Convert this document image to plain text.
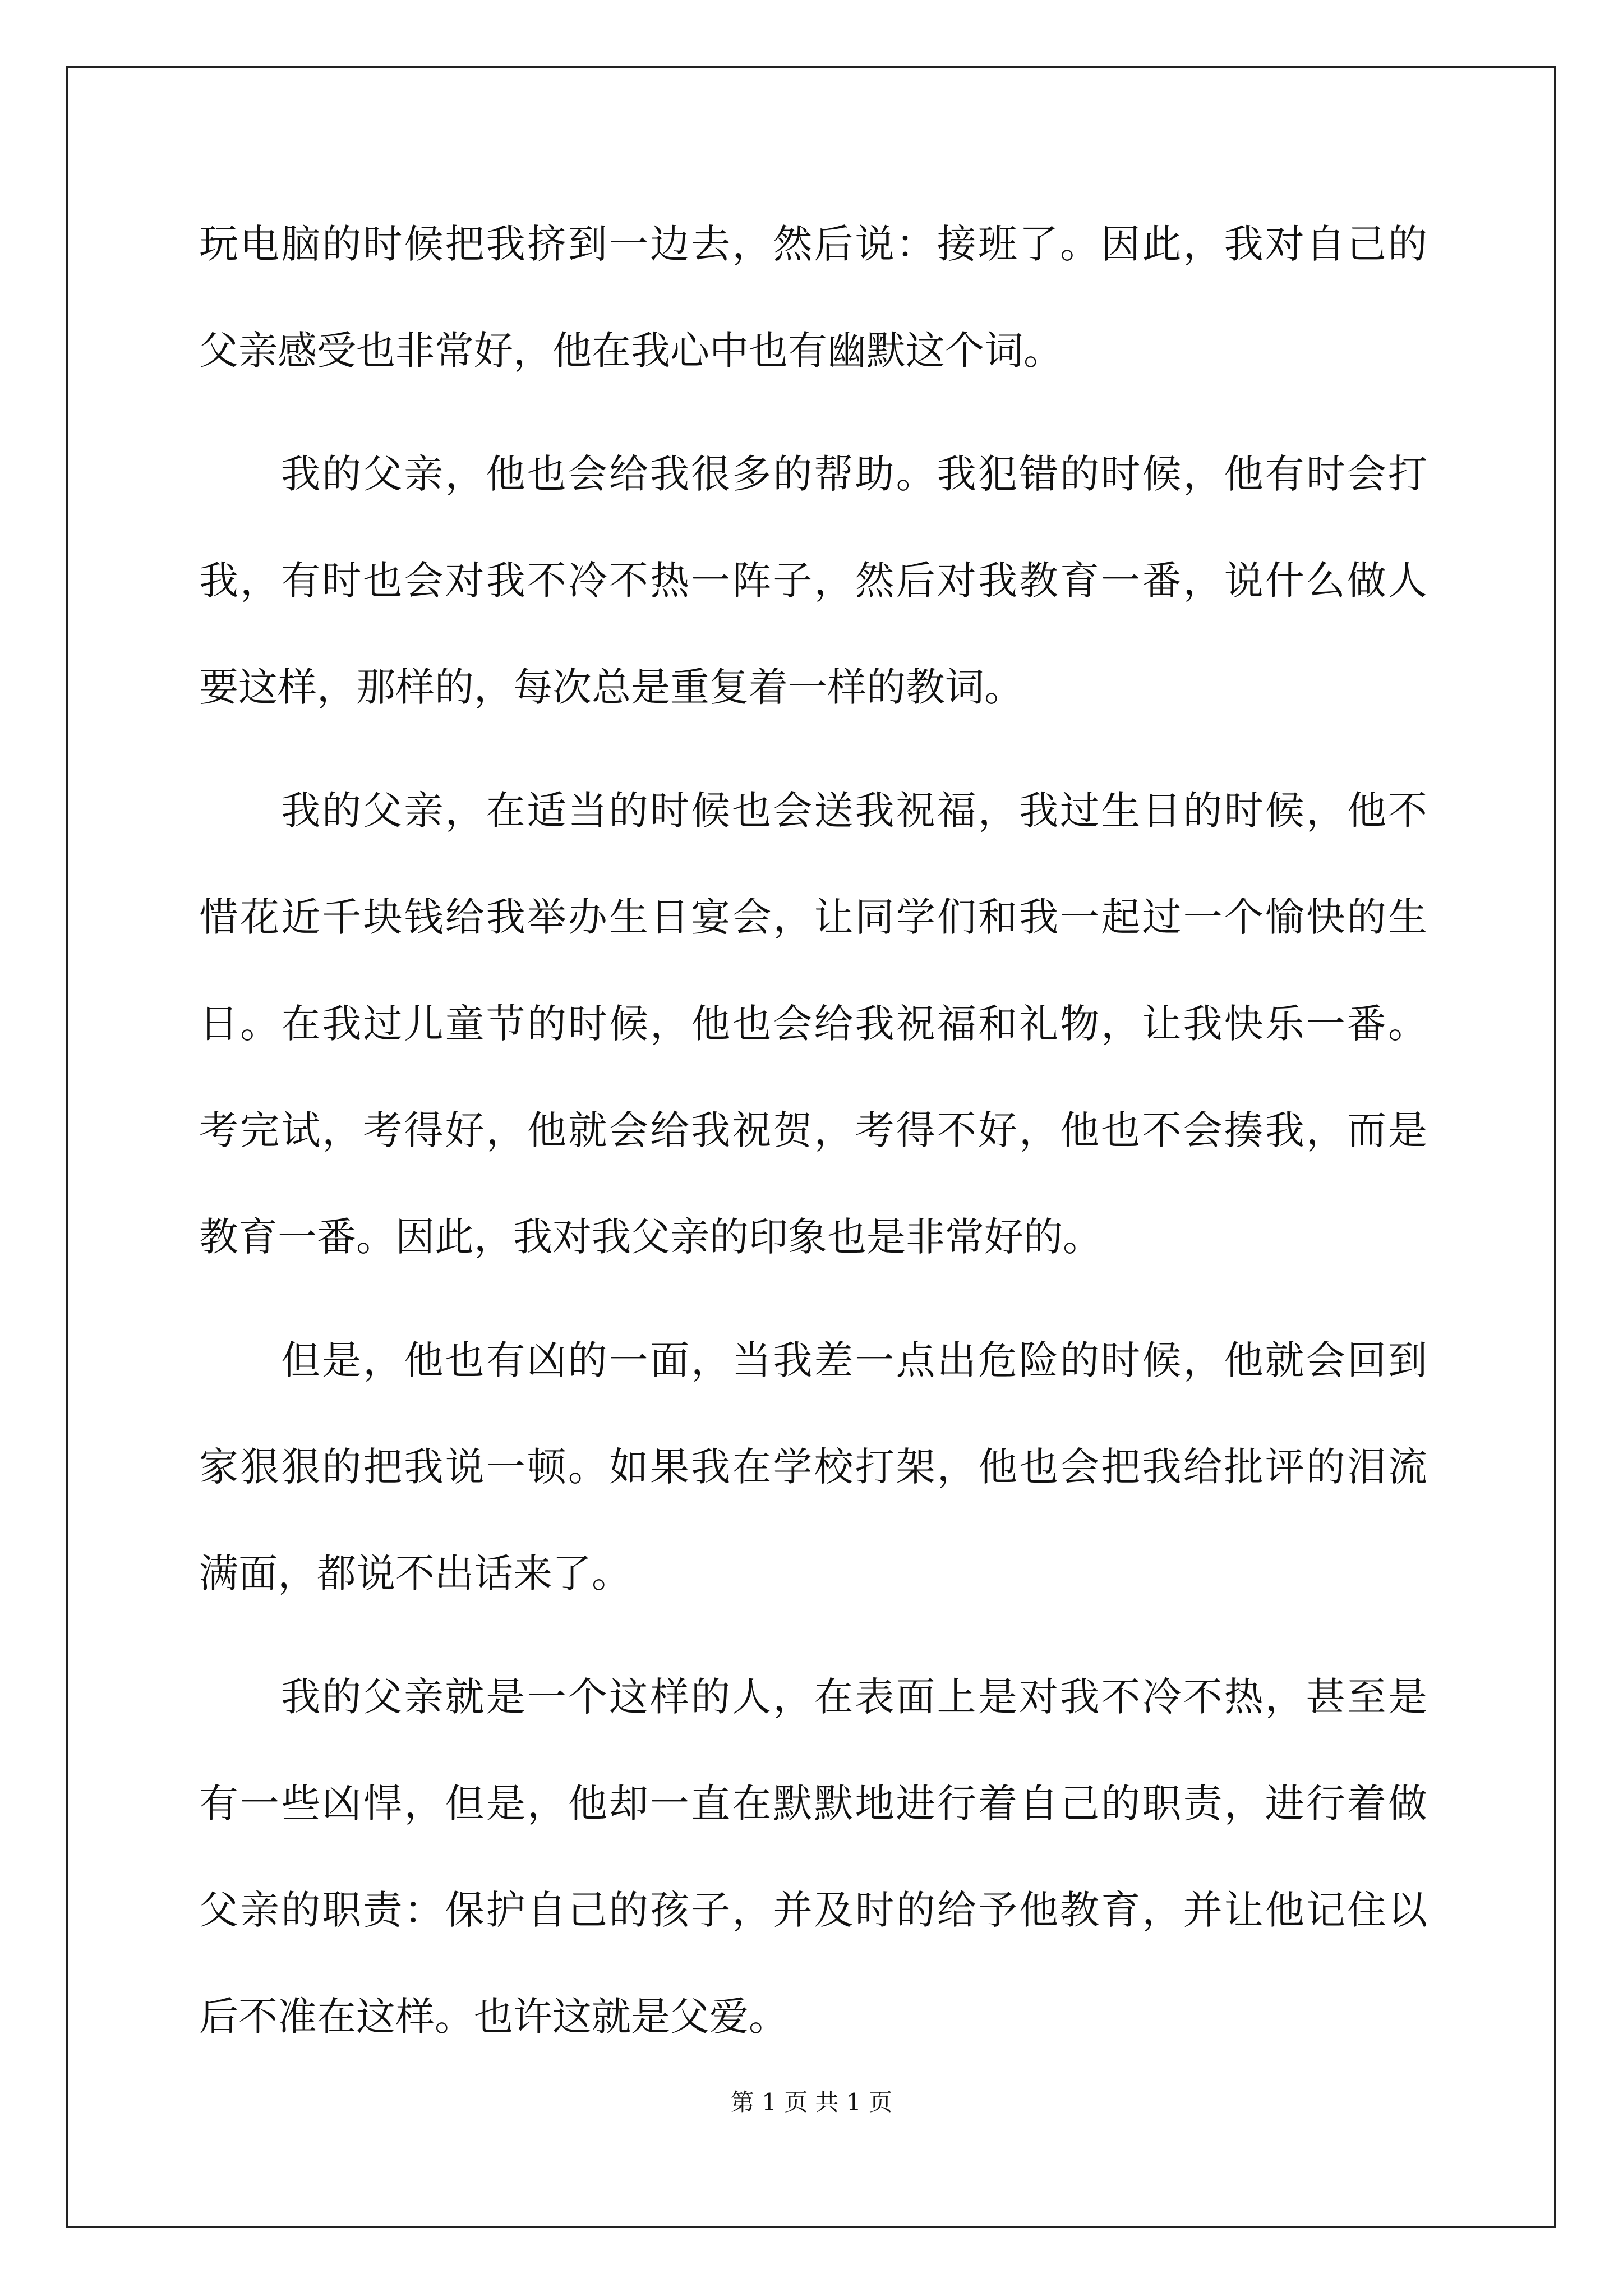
玩电脑的时候把我挤到一边去，然后说：接班了。因此，我对自己的
父亲感受也非常好，他在我心中也有幽默这个词。
我的父亲，他也会给我很多的帮助。我犯错的时候，他有时会打
我，有时也会对我不冷不热一阵子，然后对我教育一番，说什么做人
要这样，那样的，每次总是重复着一样的教词。
我的父亲，在适当的时候也会送我祝福，我过生日的时候，他不
惜花近千块钱给我举办生日宴会，让同学们和我一起过一个愉快的生
日。在我过儿童节的时候，他也会给我祝福和礼物，让我快乐一番。
考完试，考得好，他就会给我祝贺，考得不好，他也不会揍我，而是
教育一番。因此，我对我父亲的印象也是非常好的。
但是，他也有凶的一面，当我差一点出危险的时候，他就会回到
家狠狠的把我说一顿。如果我在学校打架，他也会把我给批评的泪流
满面，都说不出话来了。
我的父亲就是一个这样的人，在表面上是对我不冷不热，甚至是
有一些凶悍，但是，他却一直在默默地进行着自己的职责，进行着做
父亲的职责：保护自己的孩子，并及时的给予他教育，并让他记住以
后不准在这样。也许这就是父爱。
第 1 页 共 1 页
